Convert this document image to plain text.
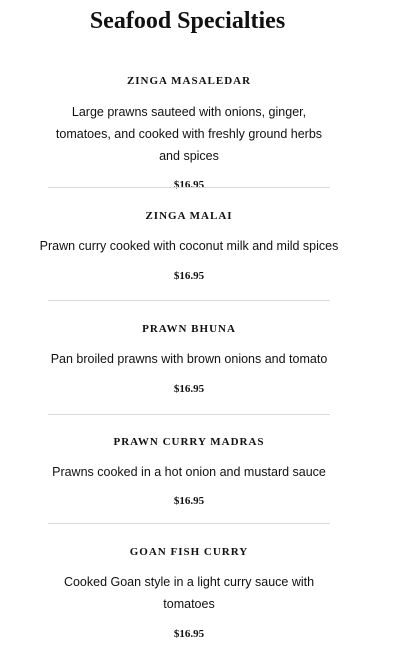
Seafood Specialties

ZINGA MASALEDAR

Large prawns sauteed with onions, ginger, tomatoes, and cooked with freshly ground herbs and spices

$16.95

ZINGA MALAI

Prawn curry cooked with coconut milk and mild spices

$16.95

PRAWN BHUNA

Pan broiled prawns with brown onions and tomato

$16.95

PRAWN CURRY MADRAS

Prawns cooked in a hot onion and mustard sauce

$16.95

GOAN FISH CURRY

Cooked Goan style in a light curry sauce with tomatoes

$16.95
